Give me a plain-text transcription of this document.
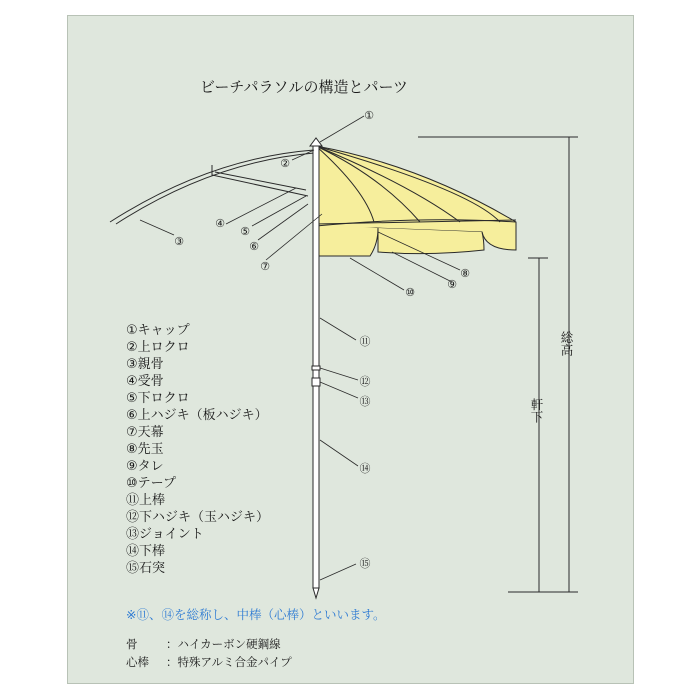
①
②
③
④
⑤
⑥
⑦
⑧
⑨
⑩
⑪
⑫
⑬
⑭
⑮
ビーチパラソルの構造とパーツ
総高
軒下
①キャップ
②上ロクロ
③親骨
④受骨
⑤下ロクロ
⑥上ハジキ（板ハジキ）
⑦天幕
⑧先玉
⑨タレ
⑩テープ
⑪上棒
⑫下ハジキ（玉ハジキ）
⑬ジョイント
⑭下棒
⑮石突
※⑪、⑭を総称し、中棒（心棒）といいます。
骨 ：ハイカーボン硬鋼線
心棒 ：特殊アルミ合金パイプ
